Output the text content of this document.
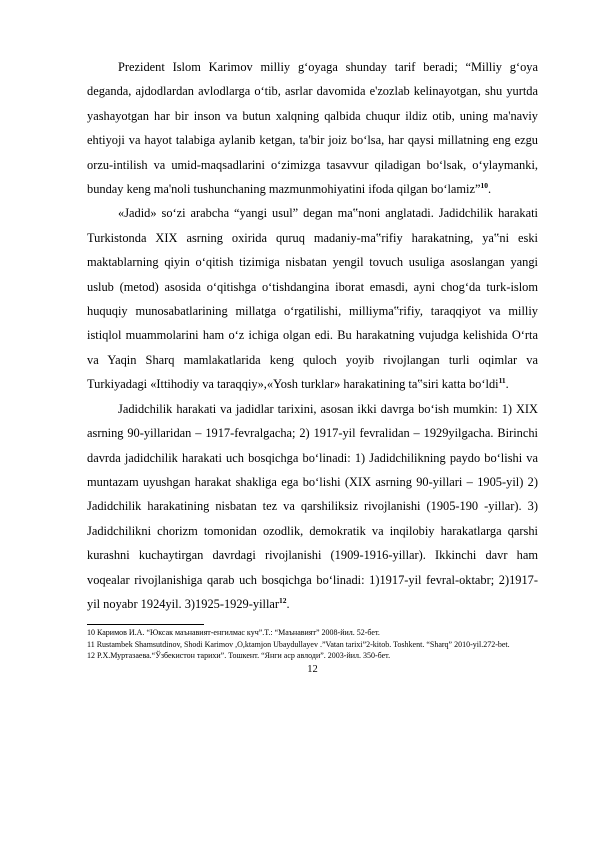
Prezident Islom Karimov milliy g‘oyaga shunday tarif beradi; “Milliy g‘oya deganda, ajdodlardan avlodlarga o‘tib, asrlar davomida e'zozlab kelinayotgan, shu yurtda yashayotgan har bir inson va butun xalqning qalbida chuqur ildiz otib, uning ma'naviy ehtiyoji va hayot talabiga aylanib ketgan, ta'bir joiz bo‘lsa, har qaysi millatning eng ezgu orzu-intilish va umid-maqsadlarini o‘zimizga tasavvur qiladigan bo‘lsak, o‘ylaymanki, bunday keng ma'noli tushunchaning mazmunmohiyatini ifoda qilgan bo‘lamiz”$^{10}$.

«Jadid» so‘zi arabcha “yangi usul” degan ma‟noni anglatadi. Jadidchilik harakati Turkistonda XIX asrning oxirida quruq madaniy-ma‟rifiy harakatning, ya‟ni eski maktablarning qiyin o‘qitish tizimiga nisbatan yengil tovuch usuliga asoslangan yangi uslub (metod) asosida o‘qitishga o‘tishdangina iborat emasdi, ayni chog‘da turk-islom huquqiy munosabatlarining millatga o‘rgatilishi, milliyma‟rifiy, taraqqiyot va milliy istiqlol muammolarini ham o‘z ichiga olgan edi. Bu harakatning vujudga kelishida O‘rta va Yaqin Sharq mamlakatlarida keng quloch yoyib rivojlangan turli oqimlar va Turkiyadagi «Ittihodiy va taraqqiy»,«Yosh turklar» harakatining ta‟siri katta bo‘ldi$^{11}$.

Jadidchilik harakati va jadidlar tarixini, asosan ikki davrga bo‘ish mumkin: 1) XIX asrning 90-yillaridan – 1917-fevralgacha; 2) 1917-yil fevralidan – 1929yilgacha. Birinchi davrda jadidchilik harakati uch bosqichga bo‘linadi: 1) Jadidchilikning paydo bo‘lishi va muntazam uyushgan harakat shakliga ega bo‘lishi (XIX asrning 90-yillari – 1905-yil) 2) Jadidchilik harakatining nisbatan tez va qarshiliksiz rivojlanishi (1905-190 -yillar). 3) Jadidchilikni chorizm tomonidan ozodlik, demokratik va inqilobiy harakatlarga qarshi kurashni kuchaytirgan davrdagi rivojlanishi (1909-1916-yillar). Ikkinchi davr ham voqealar rivojlanishiga qarab uch bosqichga bo‘linadi: 1)1917-yil fevral-oktabr; 2)1917-yil noyabr 1924yil. 3)1925-1929-yillar$^{12}$.

10 Каримов И.А. “Юксак маънавият-енгилмас куч”.Т.: “Маънавият” 2008-йил. 52-бет.

11 Rustambek Shamsutdinov, Shodi Karimov ,O,ktamjon Ubaydullayev .”Vatan tarixi”2-kitob. Toshkent. “Sharq” 2010-yil.272-bet.

12 Р.Х.Муртазаева.“Ўзбекистон тарихи”. Тошкент. “Янги аср авлоди”. 2003-йил. 350-бет.

12
